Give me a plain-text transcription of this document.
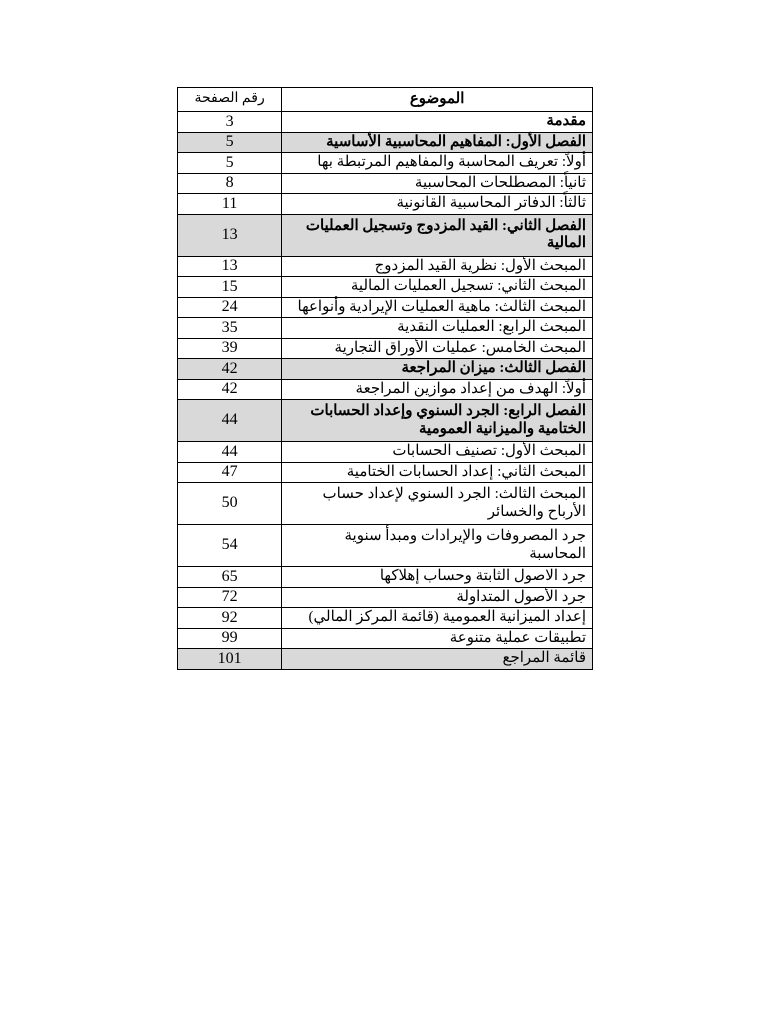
رقم الصفحة	الموضوع
3	مقدمة
5	الفصل الأول: المفاهيم المحاسبية الأساسية
5	أولاً: تعريف المحاسبة والمفاهيم المرتبطة بها
8	ثانياً: المصطلحات المحاسبية
11	ثالثاً: الدفاتر المحاسبية القانونية
13	الفصل الثاني: القيد المزدوج وتسجيل العمليات المالية
13	المبحث الأول: نظرية القيد المزدوج
15	المبحث الثاني: تسجيل العمليات المالية
24	المبحث الثالث: ماهية العمليات الإيرادية وأنواعها
35	المبحث الرابع: العمليات النقدية
39	المبحث الخامس: عمليات الأوراق التجارية
42	الفصل الثالث: ميزان المراجعة
42	أولاً: الهدف من إعداد موازين المراجعة
44	الفصل الرابع: الجرد السنوي وإعداد الحسابات الختامية والميزانية العمومية
44	المبحث الأول: تصنيف الحسابات
47	المبحث الثاني: إعداد الحسابات الختامية
50	المبحث الثالث: الجرد السنوي لإعداد حساب الأرباح والخسائر
54	جرد المصروفات والإيرادات ومبدأ سنوية المحاسبة
65	جرد الاصول الثابتة وحساب إهلاكها
72	جرد الأصول المتداولة
92	إعداد الميزانية العمومية (قائمة المركز المالي)
99	تطبيقات عملية متنوعة
101	قائمة المراجع
